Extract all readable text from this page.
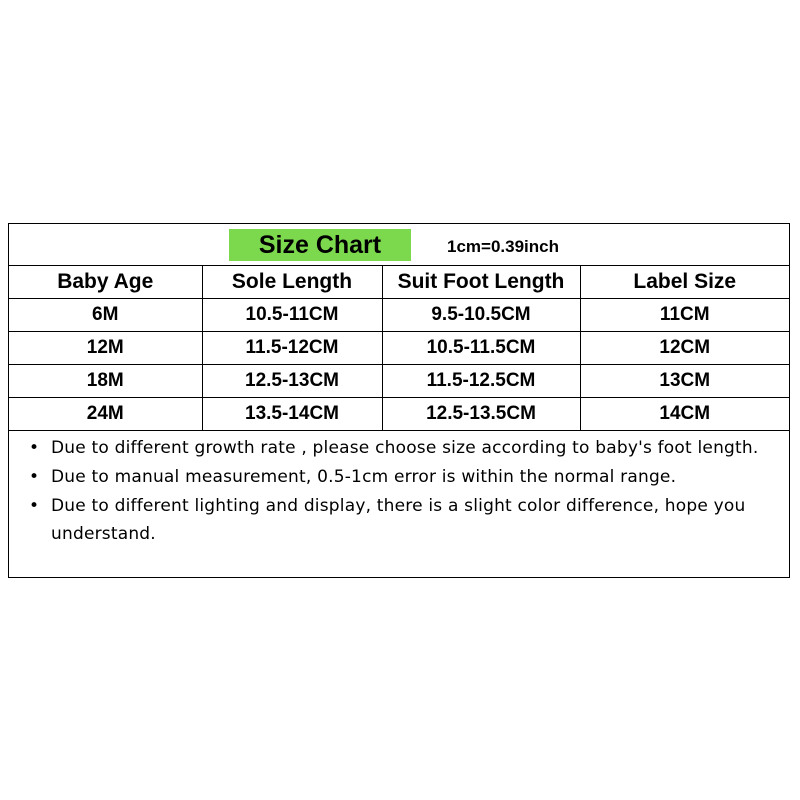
Size Chart	1cm=0.39inch
Baby Age	Sole Length	Suit Foot Length	Label Size
6M	10.5-11CM	9.5-10.5CM	11CM
12M	11.5-12CM	10.5-11.5CM	12CM
18M	12.5-13CM	11.5-12.5CM	13CM
24M	13.5-14CM	12.5-13.5CM	14CM
• Due to different growth rate , please choose size according to baby's foot length.
• Due to manual measurement, 0.5-1cm error is within the normal range.
• Due to different lighting and display, there is a slight color difference, hope you understand.
